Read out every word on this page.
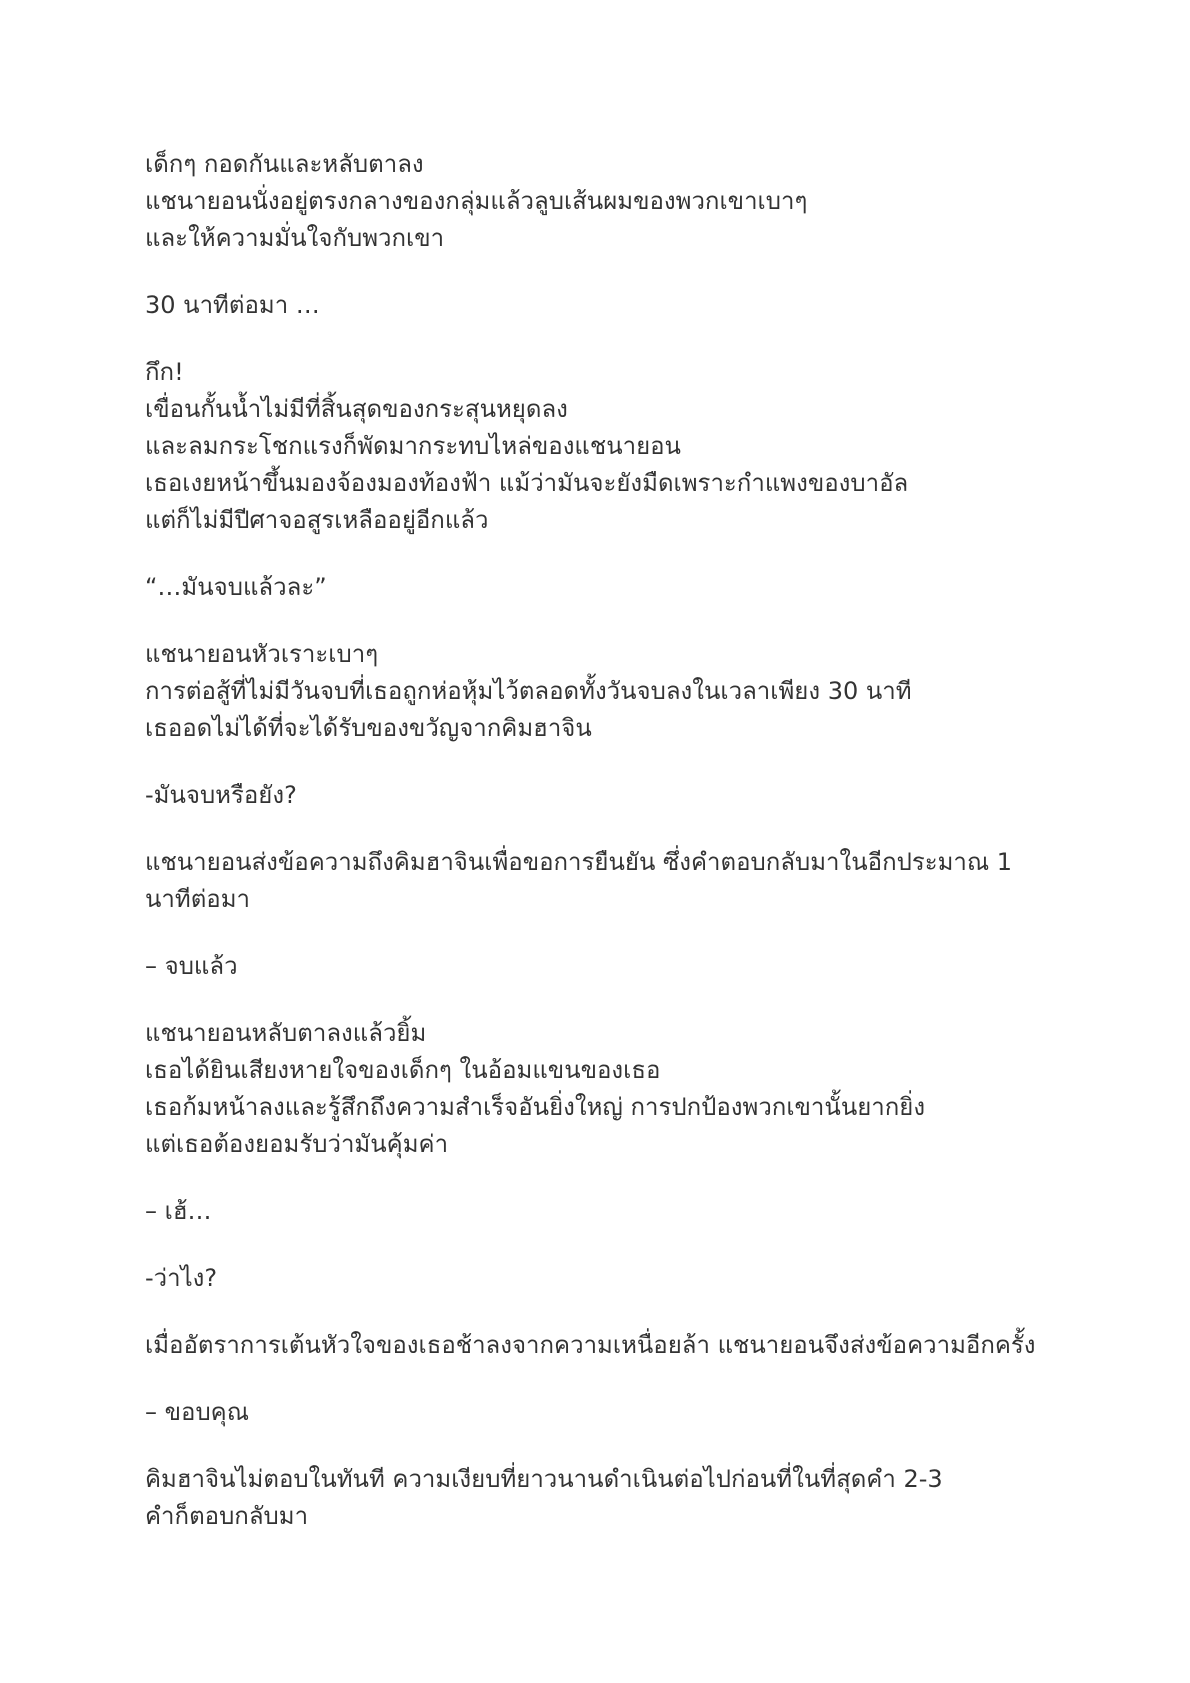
เด็กๆ กอดกันและหลับตาลง
แชนายอนนั่งอยู่ตรงกลางของกลุ่มแล้วลูบเส้นผมของพวกเขาเบาๆ
และให้ความมั่นใจกับพวกเขา
30 นาทีต่อมา …
กึก!
เขื่อนกั้นน้ำไม่มีที่สิ้นสุดของกระสุนหยุดลง
และลมกระโชกแรงก็พัดมากระทบไหล่ของแชนายอน
เธอเงยหน้าขึ้นมองจ้องมองท้องฟ้า แม้ว่ามันจะยังมืดเพราะกำแพงของบาอัล
แต่ก็ไม่มีปีศาจอสูรเหลืออยู่อีกแล้ว
“…มันจบแล้วละ”
แชนายอนหัวเราะเบาๆ
การต่อสู้ที่ไม่มีวันจบที่เธอถูกห่อหุ้มไว้ตลอดทั้งวันจบลงในเวลาเพียง 30 นาที
เธออดไม่ได้ที่จะได้รับของขวัญจากคิมฮาจิน
-มันจบหรือยัง?
แชนายอนส่งข้อความถึงคิมฮาจินเพื่อขอการยืนยัน ซึ่งคำตอบกลับมาในอีกประมาณ 1
นาทีต่อมา
– จบแล้ว
แชนายอนหลับตาลงแล้วยิ้ม
เธอได้ยินเสียงหายใจของเด็กๆ ในอ้อมแขนของเธอ
เธอก้มหน้าลงและรู้สึกถึงความสำเร็จอันยิ่งใหญ่ การปกป้องพวกเขานั้นยากยิ่ง
แต่เธอต้องยอมรับว่ามันคุ้มค่า
– เฮ้…
-ว่าไง?
เมื่ออัตราการเต้นหัวใจของเธอช้าลงจากความเหนื่อยล้า แชนายอนจึงส่งข้อความอีกครั้ง
– ขอบคุณ
คิมฮาจินไม่ตอบในทันที ความเงียบที่ยาวนานดำเนินต่อไปก่อนที่ในที่สุดคำ 2-3
คำก็ตอบกลับมา
